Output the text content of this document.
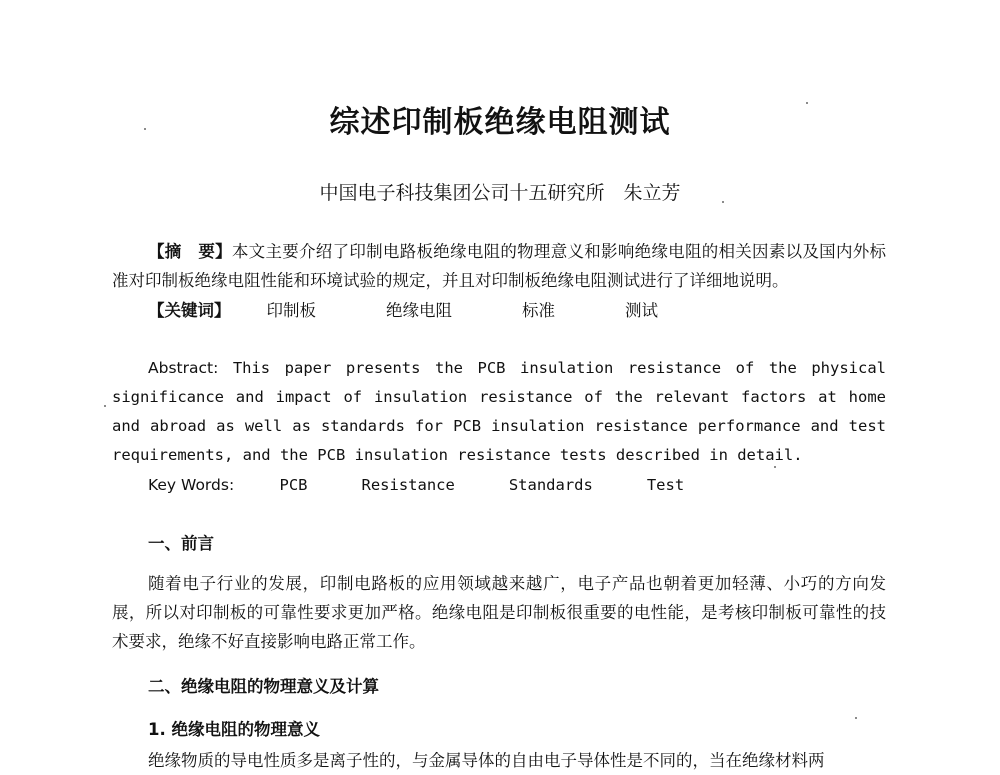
综述印制板绝缘电阻测试
中国电子科技集团公司十五研究所　朱立芳
【摘　要】本文主要介绍了印制电路板绝缘电阻的物理意义和影响绝缘电阻的相关因素以及国内外标准对印制板绝缘电阻性能和环境试验的规定，并且对印制板绝缘电阻测试进行了详细地说明。
【关键词】 印制板	绝缘电阻	标准	测试
Abstract: This paper presents the PCB insulation resistance of the physical significance and impact of insulation resistance of the relevant factors at home and abroad as well as standards for PCB insulation resistance performance and test requirements, and the PCB insulation resistance tests described in detail.
Key Words:	PCB	Resistance	Standards	Test
一、前言
随着电子行业的发展，印制电路板的应用领域越来越广，电子产品也朝着更加轻薄、小巧的方向发展，所以对印制板的可靠性要求更加严格。绝缘电阻是印制板很重要的电性能，是考核印制板可靠性的技术要求，绝缘不好直接影响电路正常工作。
二、绝缘电阻的物理意义及计算
1. 绝缘电阻的物理意义
绝缘物质的导电性质多是离子性的，与金属导体的自由电子导体性是不同的，当在绝缘材料两
